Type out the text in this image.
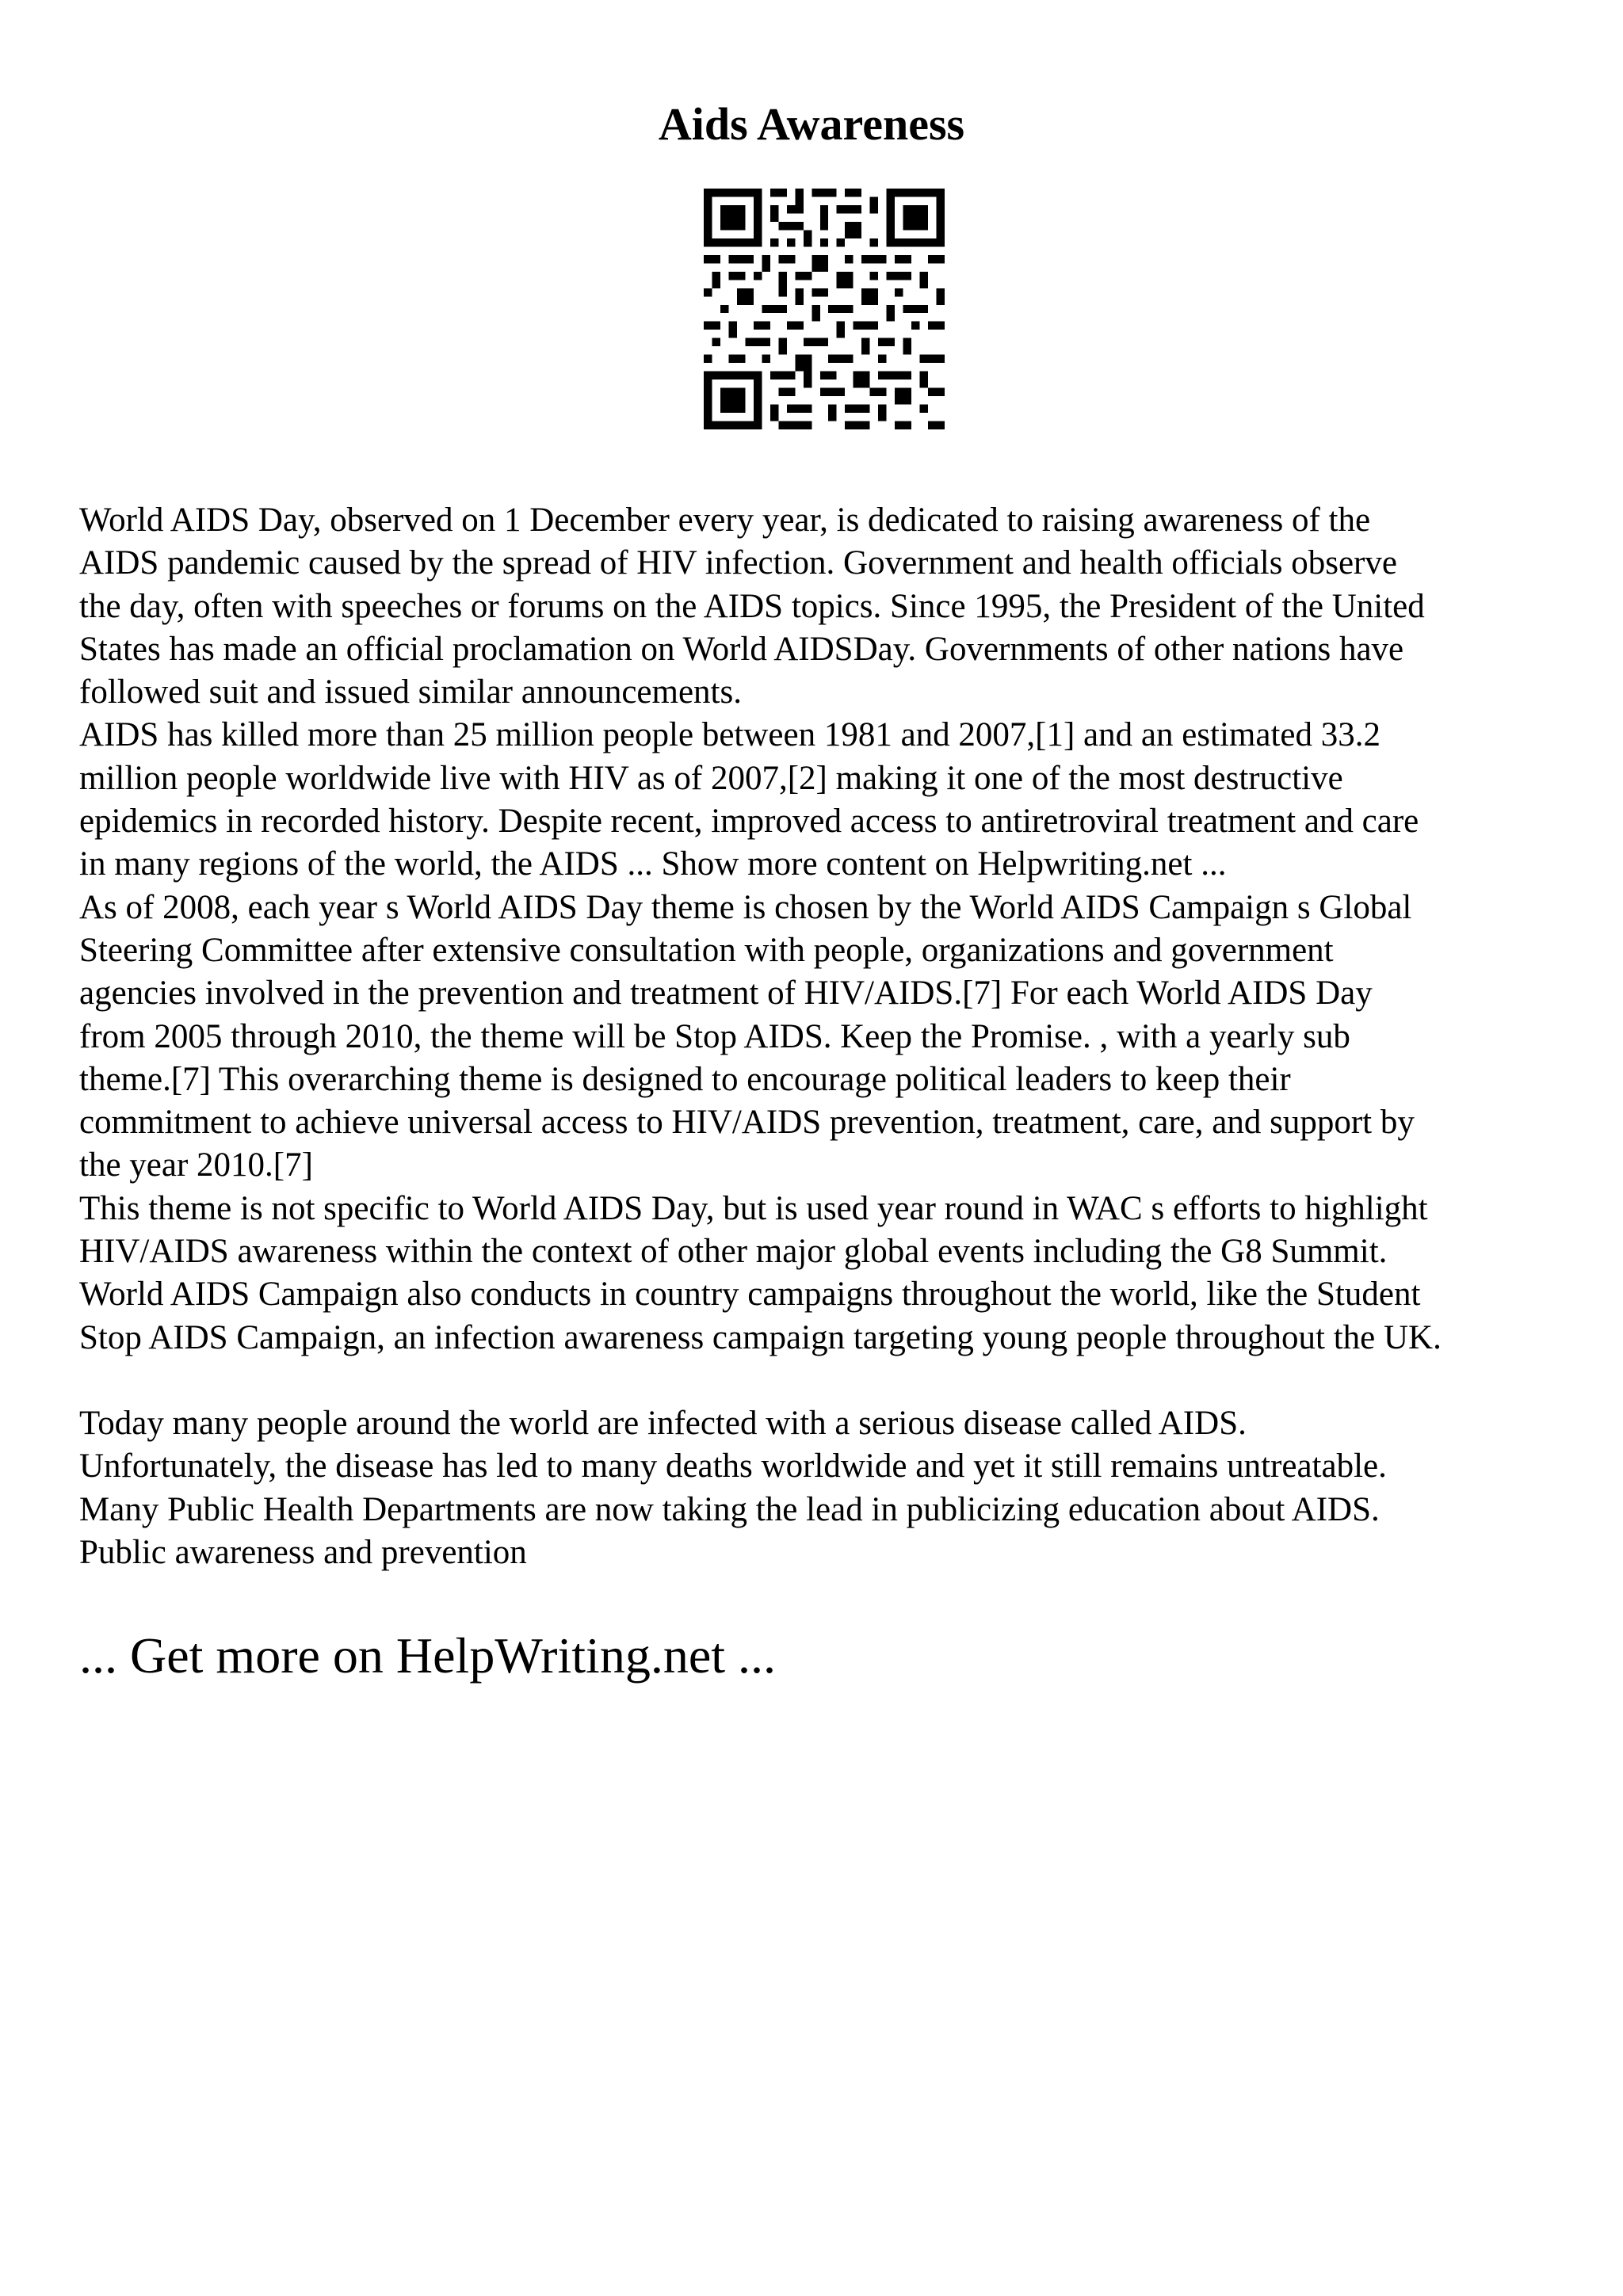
Aids Awareness

World AIDS Day, observed on 1 December every year, is dedicated to raising awareness of the
AIDS pandemic caused by the spread of HIV infection. Government and health officials observe
the day, often with speeches or forums on the AIDS topics. Since 1995, the President of the United
States has made an official proclamation on World AIDSDay. Governments of other nations have
followed suit and issued similar announcements.

AIDS has killed more than 25 million people between 1981 and 2007,[1] and an estimated 33.2
million people worldwide live with HIV as of 2007,[2] making it one of the most destructive
epidemics in recorded history. Despite recent, improved access to antiretroviral treatment and care
in many regions of the world, the AIDS ... Show more content on Helpwriting.net ...

As of 2008, each year s World AIDS Day theme is chosen by the World AIDS Campaign s Global
Steering Committee after extensive consultation with people, organizations and government
agencies involved in the prevention and treatment of HIV/AIDS.[7] For each World AIDS Day
from 2005 through 2010, the theme will be Stop AIDS. Keep the Promise. , with a yearly sub
theme.[7] This overarching theme is designed to encourage political leaders to keep their
commitment to achieve universal access to HIV/AIDS prevention, treatment, care, and support by
the year 2010.[7]

This theme is not specific to World AIDS Day, but is used year round in WAC s efforts to highlight
HIV/AIDS awareness within the context of other major global events including the G8 Summit.
World AIDS Campaign also conducts in country campaigns throughout the world, like the Student
Stop AIDS Campaign, an infection awareness campaign targeting young people throughout the UK.

Today many people around the world are infected with a serious disease called AIDS.
Unfortunately, the disease has led to many deaths worldwide and yet it still remains untreatable.
Many Public Health Departments are now taking the lead in publicizing education about AIDS.
Public awareness and prevention

... Get more on HelpWriting.net ...
